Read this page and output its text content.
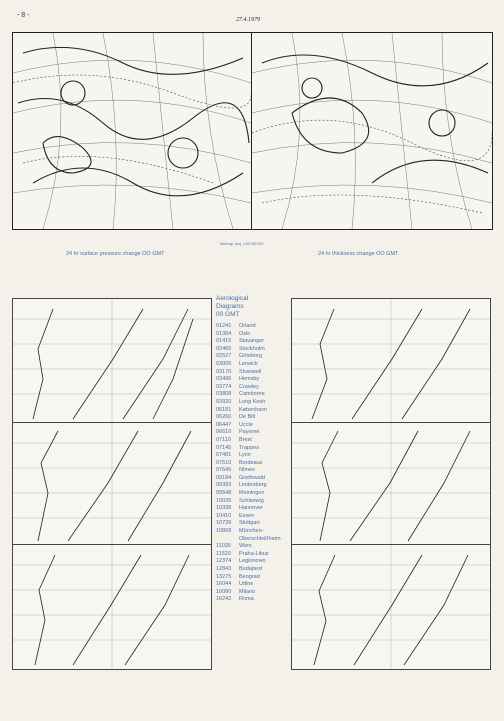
- 8 -
27.4.1979
Stereogr. proj. 1:60 000 000
24 hr surface pressure change OO GMT	24 hr thickness change OO GMT
Aerological
Diagrams
00 GMT
01241 Orland
01384 Oslo
01415 Stavanger
02465 Stockholm
02527 Göteborg
03005 Lerwick
03170 Shanwell
03496 Hemsby
03774 Crawley
03808 Camborne
03920 Long Kesh
06181 København
06260 De Bilt
06447 Uccle
06610 Payerne
07110 Brest
07145 Trappes
07481 Lyon
07510 Bordeaux
07645 Nîmes
09184 Greifswald
09393 Lindenberg
09548 Meiningen
10035 Schleswig
10338 Hannover
10410 Essen
10739 Stuttgart
10868 München-
Oberschleißheim
11035 Wien
11520 Praha-Libus
12374 Legionowo
12843 Budapest
13275 Beograd
16044 Udine
16080 Milano
16242 Roma
